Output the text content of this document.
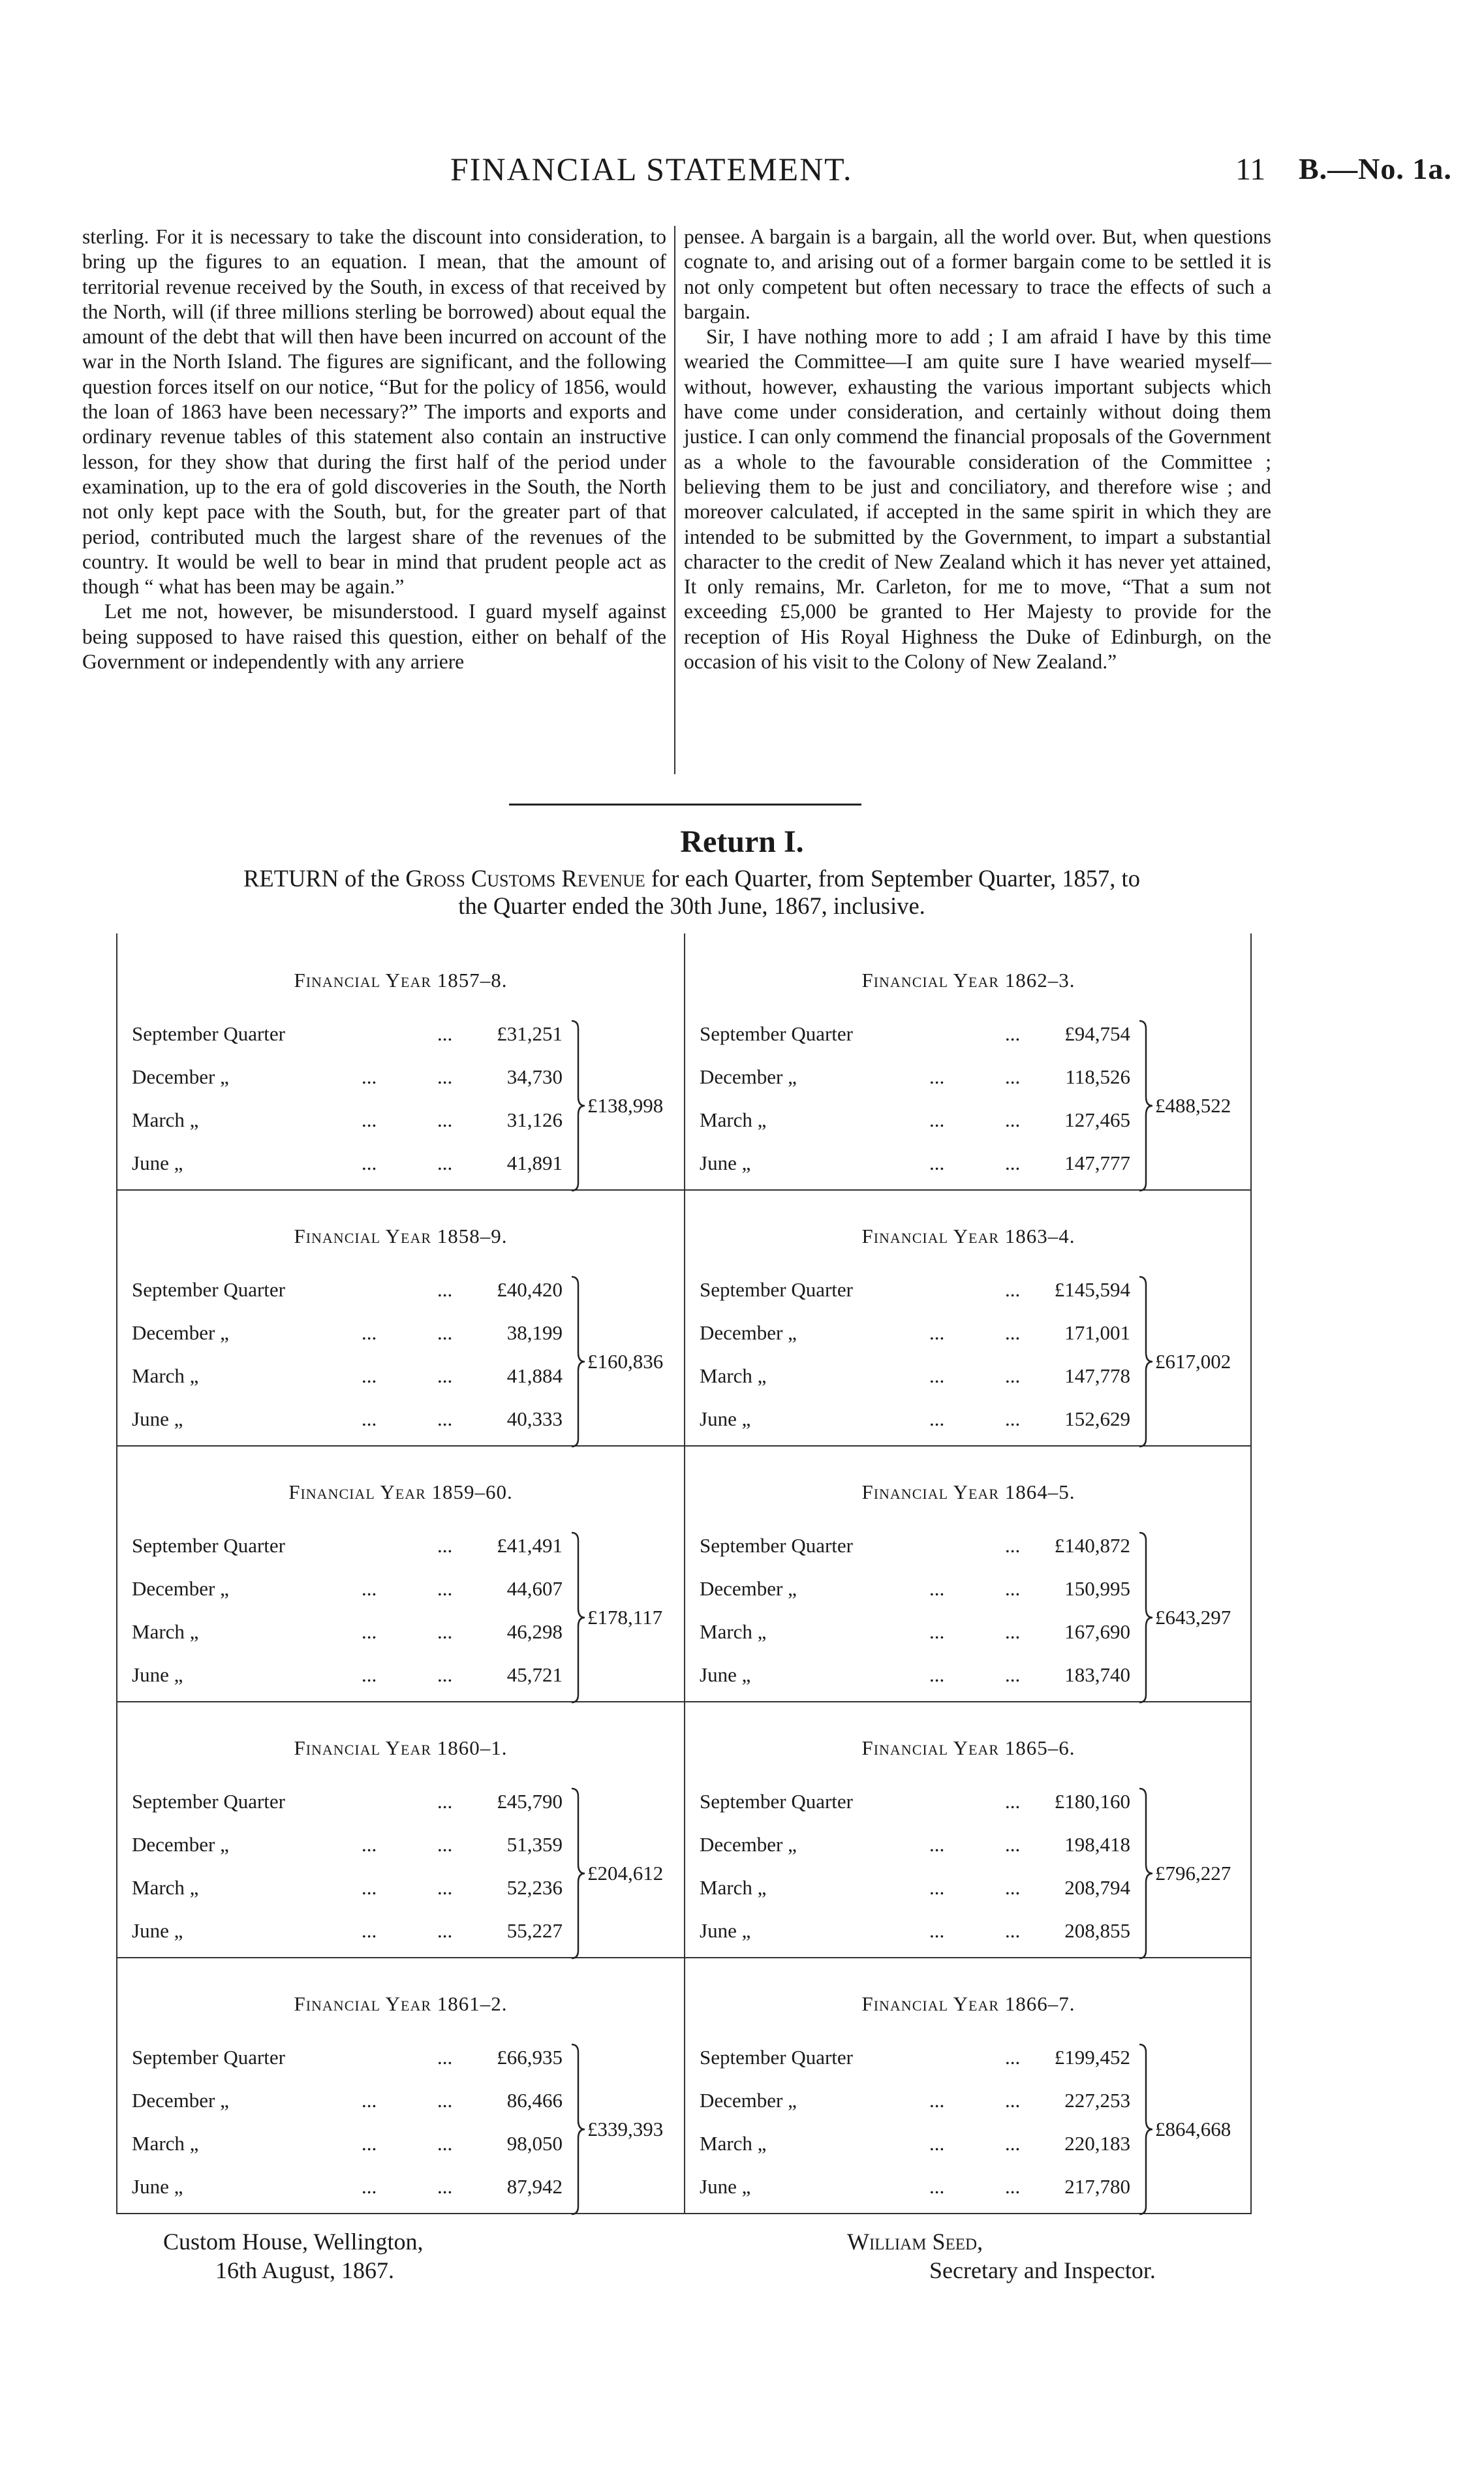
FINANCIAL STATEMENT.	11 B.—No. 1a.

sterling. For it is necessary to take the discount into consideration, to bring up the figures to an equation. I mean, that the amount of territorial revenue received by the South, in excess of that received by the North, will (if three millions sterling be borrowed) about equal the amount of the debt that will then have been incurred on account of the war in the North Island. The figures are significant, and the following question forces itself on our notice, “But for the policy of 1856, would the loan of 1863 have been necessary?” The imports and exports and ordinary revenue tables of this statement also contain an instructive lesson, for they show that during the first half of the period under examination, up to the era of gold discoveries in the South, the North not only kept pace with the South, but, for the greater part of that period, contributed much the largest share of the revenues of the country. It would be well to bear in mind that prudent people act as though “ what has been may be again.”

Let me not, however, be misunderstood. I guard myself against being supposed to have raised this question, either on behalf of the Government or independently with any arriere

pensee. A bargain is a bargain, all the world over. But, when questions cognate to, and arising out of a former bargain come to be settled it is not only competent but often necessary to trace the effects of such a bargain.

Sir, I have nothing more to add ; I am afraid I have by this time wearied the Committee—I am quite sure I have wearied myself—without, however, exhausting the various important subjects which have come under consideration, and certainly without doing them justice. I can only commend the financial proposals of the Government as a whole to the favourable consideration of the Committee ; believing them to be just and conciliatory, and therefore wise ; and moreover calculated, if accepted in the same spirit in which they are intended to be submitted by the Government, to impart a substantial character to the credit of New Zealand which it has never yet attained, It only remains, Mr. Carleton, for me to move, “That a sum not exceeding £5,000 be granted to Her Majesty to provide for the reception of His Royal Highness the Duke of Edinburgh, on the occasion of his visit to the Colony of New Zealand.”

Return I.
RETURN of the Gross Customs Revenue for each Quarter, from September Quarter, 1857, to
the Quarter ended the 30th June, 1867, inclusive.
Financial Year 1857–8.
September Quarter	...	£31,251
December „	...	...	34,730
March „	...	...	31,126
June „	...	...	41,891
£138,998
Financial Year 1862–3.
September Quarter	...	£94,754
December „	...	...	118,526
March „	...	...	127,465
June „	...	...	147,777
£488,522
Financial Year 1858–9.
September Quarter	...	£40,420
December „	...	...	38,199
March „	...	...	41,884
June „	...	...	40,333
£160,836
Financial Year 1863–4.
September Quarter	...	£145,594
December „	...	...	171,001
March „	...	...	147,778
June „	...	...	152,629
£617,002
Financial Year 1859–60.
September Quarter	...	£41,491
December „	...	...	44,607
March „	...	...	46,298
June „	...	...	45,721
£178,117
Financial Year 1864–5.
September Quarter	...	£140,872
December „	...	...	150,995
March „	...	...	167,690
June „	...	...	183,740
£643,297
Financial Year 1860–1.
September Quarter	...	£45,790
December „	...	...	51,359
March „	...	...	52,236
June „	...	...	55,227
£204,612
Financial Year 1865–6.
September Quarter	...	£180,160
December „	...	...	198,418
March „	...	...	208,794
June „	...	...	208,855
£796,227
Financial Year 1861–2.
September Quarter	...	£66,935
December „	...	...	86,466
March „	...	...	98,050
June „	...	...	87,942
£339,393
Financial Year 1866–7.
September Quarter	...	£199,452
December „	...	...	227,253
March „	...	...	220,183
June „	...	...	217,780
£864,668
Custom House, Wellington,
16th August, 1867.
William Seed,
Secretary and Inspector.
